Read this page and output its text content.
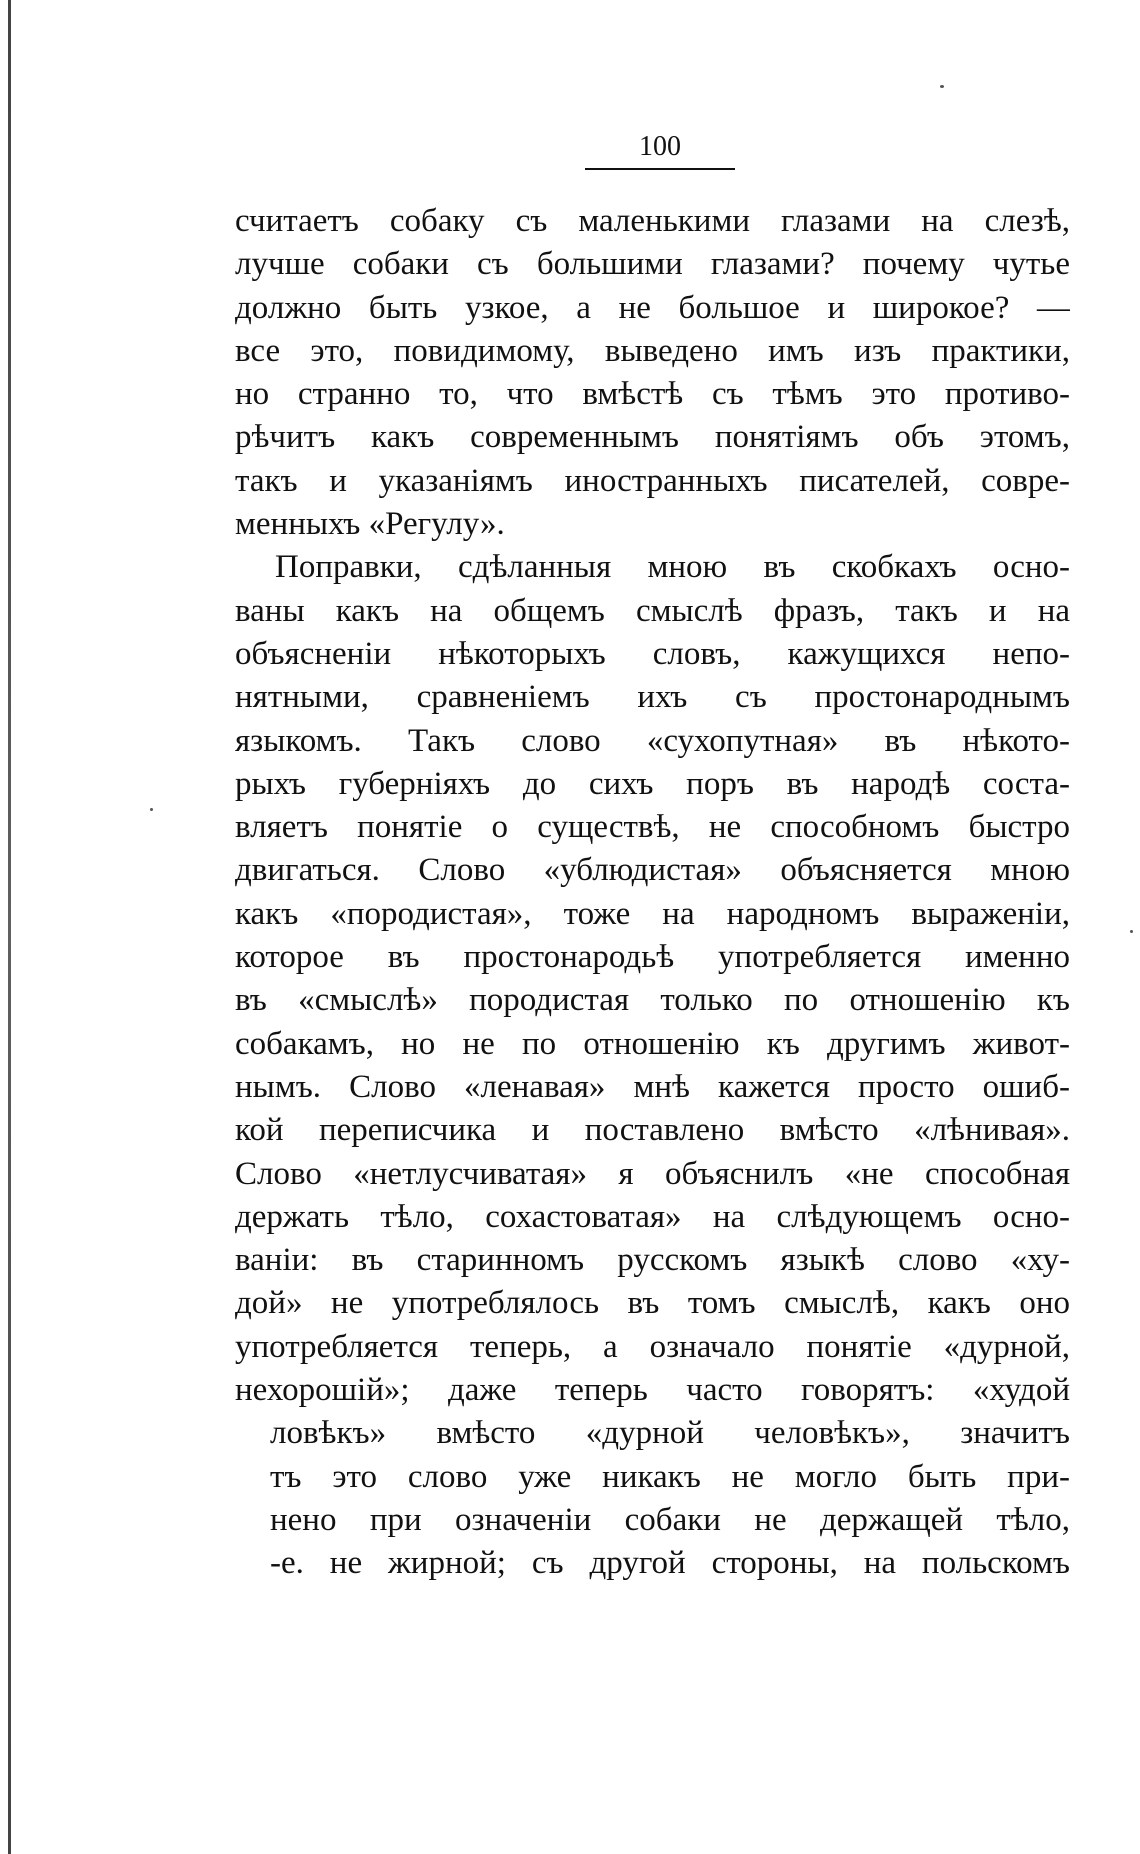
100
считаетъ собаку съ маленькими глазами на слезѣ,
лучше собаки съ большими глазами? почему чутье
должно быть узкое, а не большое и широкое? —
все это, повидимому, выведено имъ изъ практики,
но странно то, что вмѣстѣ съ тѣмъ это противо-
рѣчитъ какъ современнымъ понятiямъ объ этомъ,
такъ и указанiямъ иностранныхъ писателей, совре-
менныхъ «Регулу».
Поправки, сдѣланныя мною въ скобкахъ осно-
ваны какъ на общемъ смыслѣ фразъ, такъ и на
объясненiи нѣкоторыхъ словъ, кажущихся непо-
нятными, сравненiемъ ихъ съ простонароднымъ
языкомъ. Такъ слово «сухопутная» въ нѣкото-
рыхъ губернiяхъ до сихъ поръ въ народѣ соста-
вляетъ понятiе о существѣ, не способномъ быстро
двигаться. Слово «ублюдистая» объясняется мною
какъ «породистая», тоже на народномъ выраженiи,
которое въ простонародьѣ употребляется именно
въ «смыслѣ» породистая только по отношенiю къ
собакамъ, но не по отношенiю къ другимъ живот-
нымъ. Слово «ленавая» мнѣ кажется просто ошиб-
кой переписчика и поставлено вмѣсто «лѣнивая».
Слово «нетлусчиватая» я объяснилъ «не способная
держать тѣло, сохастоватая» на слѣдующемъ осно-
ванiи: въ старинномъ русскомъ языкѣ слово «ху-
дой» не употреблялось въ томъ смыслѣ, какъ оно
употребляется теперь, а означало понятiе «дурной,
нехорошiй»; даже теперь часто говорятъ: «худой
ловѣкъ» вмѣсто «дурной человѣкъ», значитъ
тъ это слово уже никакъ не могло быть при-
нено при означенiи собаки не держащей тѣло,
-е. не жирной; съ другой стороны, на польскомъ
